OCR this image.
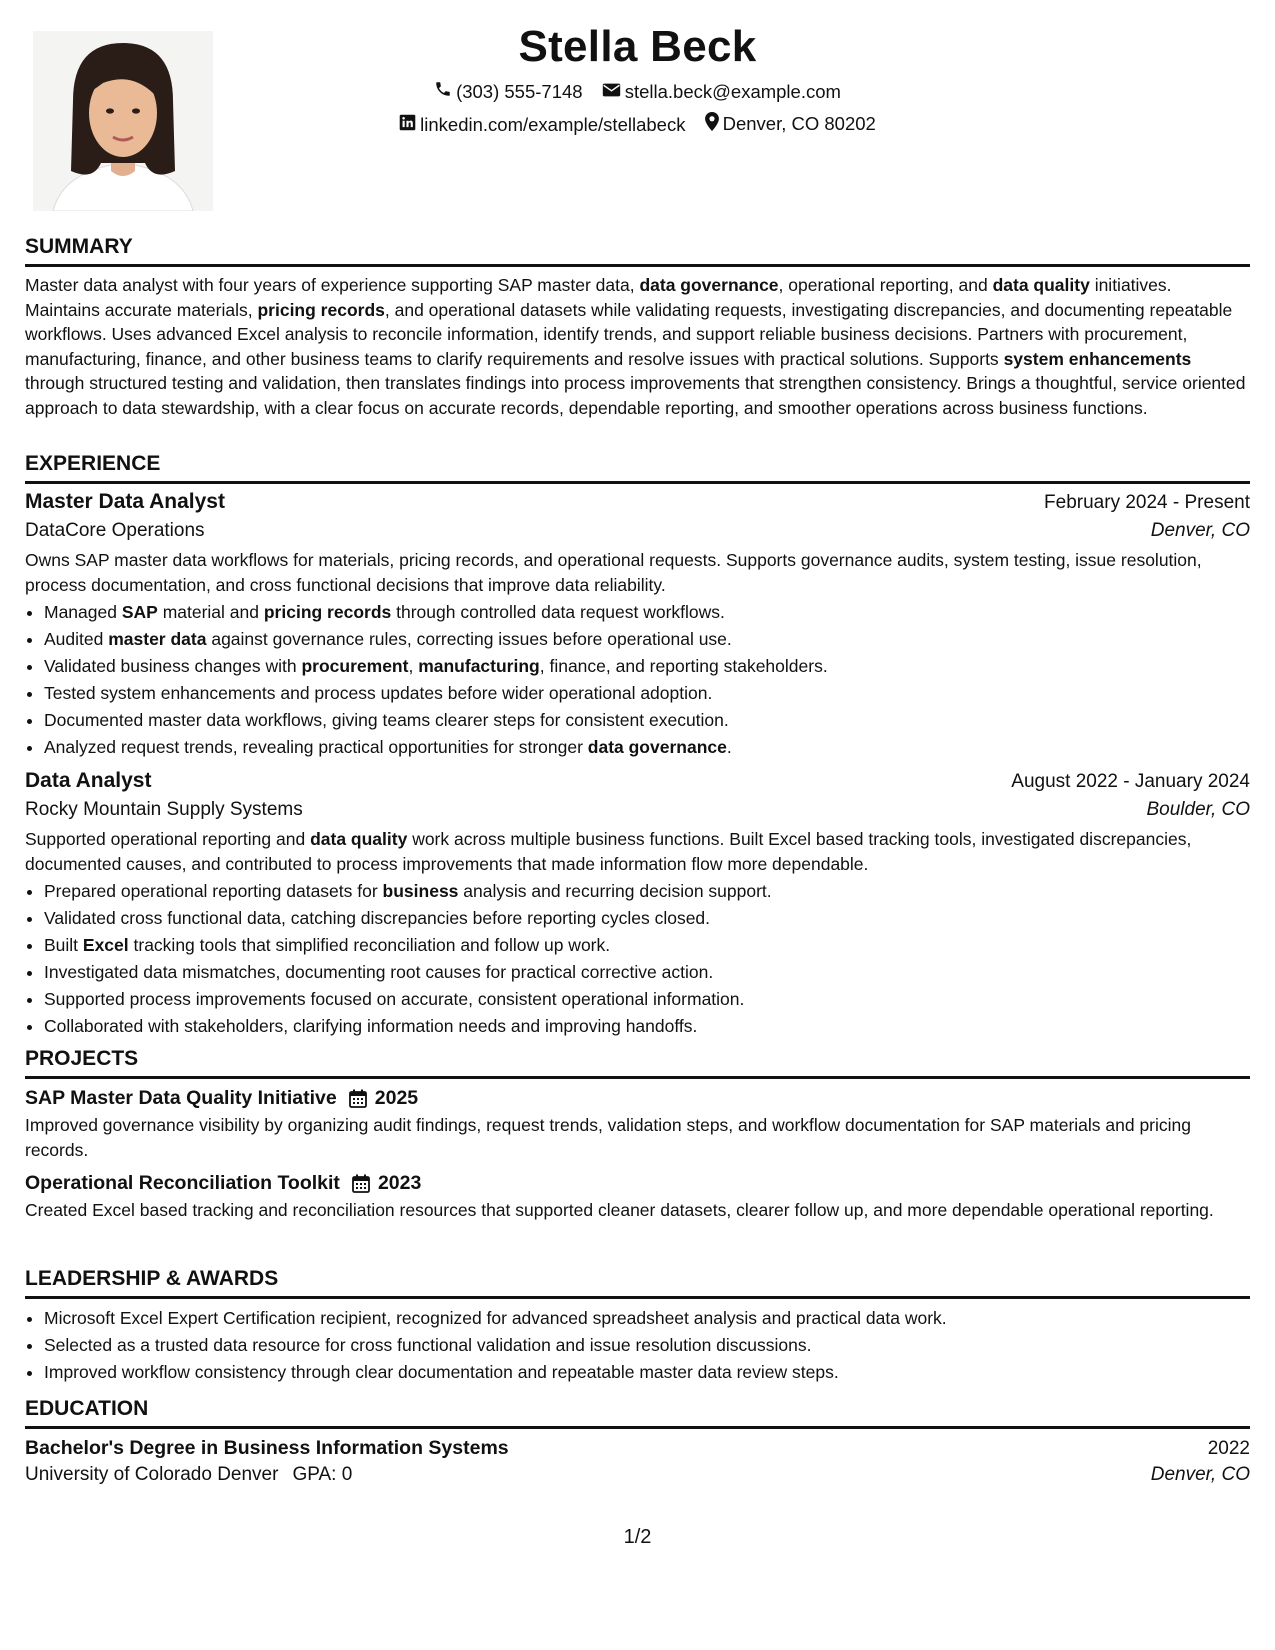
Stella Beck
(303) 555-7148
stella.beck@example.com
linkedin.com/example/stellabeck
Denver, CO 80202
SUMMARY

Master data analyst with four years of experience supporting SAP master data, data governance, operational reporting, and data quality initiatives. Maintains accurate materials, pricing records, and operational datasets while validating requests, investigating discrepancies, and documenting repeatable workflows. Uses advanced Excel analysis to reconcile information, identify trends, and support reliable business decisions. Partners with procurement, manufacturing, finance, and other business teams to clarify requirements and resolve issues with practical solutions. Supports system enhancements through structured testing and validation, then translates findings into process improvements that strengthen consistency. Brings a thoughtful, service oriented approach to data stewardship, with a clear focus on accurate records, dependable reporting, and smoother operations across business functions.

EXPERIENCE
Master Data Analyst	February 2024 - Present
DataCore Operations	Denver, CO

Owns SAP master data workflows for materials, pricing records, and operational requests. Supports governance audits, system testing, issue resolution, process documentation, and cross functional decisions that improve data reliability.

• Managed SAP material and pricing records through controlled data request workflows.
• Audited master data against governance rules, correcting issues before operational use.
• Validated business changes with procurement, manufacturing, finance, and reporting stakeholders.
• Tested system enhancements and process updates before wider operational adoption.
• Documented master data workflows, giving teams clearer steps for consistent execution.
• Analyzed request trends, revealing practical opportunities for stronger data governance.
Data Analyst	August 2022 - January 2024
Rocky Mountain Supply Systems	Boulder, CO

Supported operational reporting and data quality work across multiple business functions. Built Excel based tracking tools, investigated discrepancies, documented causes, and contributed to process improvements that made information flow more dependable.

• Prepared operational reporting datasets for business analysis and recurring decision support.
• Validated cross functional data, catching discrepancies before reporting cycles closed.
• Built Excel tracking tools that simplified reconciliation and follow up work.
• Investigated data mismatches, documenting root causes for practical corrective action.
• Supported process improvements focused on accurate, consistent operational information.
• Collaborated with stakeholders, clarifying information needs and improving handoffs.
PROJECTS
SAP Master Data Quality Initiative 2025

Improved governance visibility by organizing audit findings, request trends, validation steps, and workflow documentation for SAP materials and pricing records.

Operational Reconciliation Toolkit 2023

Created Excel based tracking and reconciliation resources that supported cleaner datasets, clearer follow up, and more dependable operational reporting.

LEADERSHIP & AWARDS
• Microsoft Excel Expert Certification recipient, recognized for advanced spreadsheet analysis and practical data work.
• Selected as a trusted data resource for cross functional validation and issue resolution discussions.
• Improved workflow consistency through clear documentation and repeatable master data review steps.
EDUCATION
Bachelor's Degree in Business Information Systems	2022
University of Colorado Denver GPA: 0	Denver, CO
1/2
